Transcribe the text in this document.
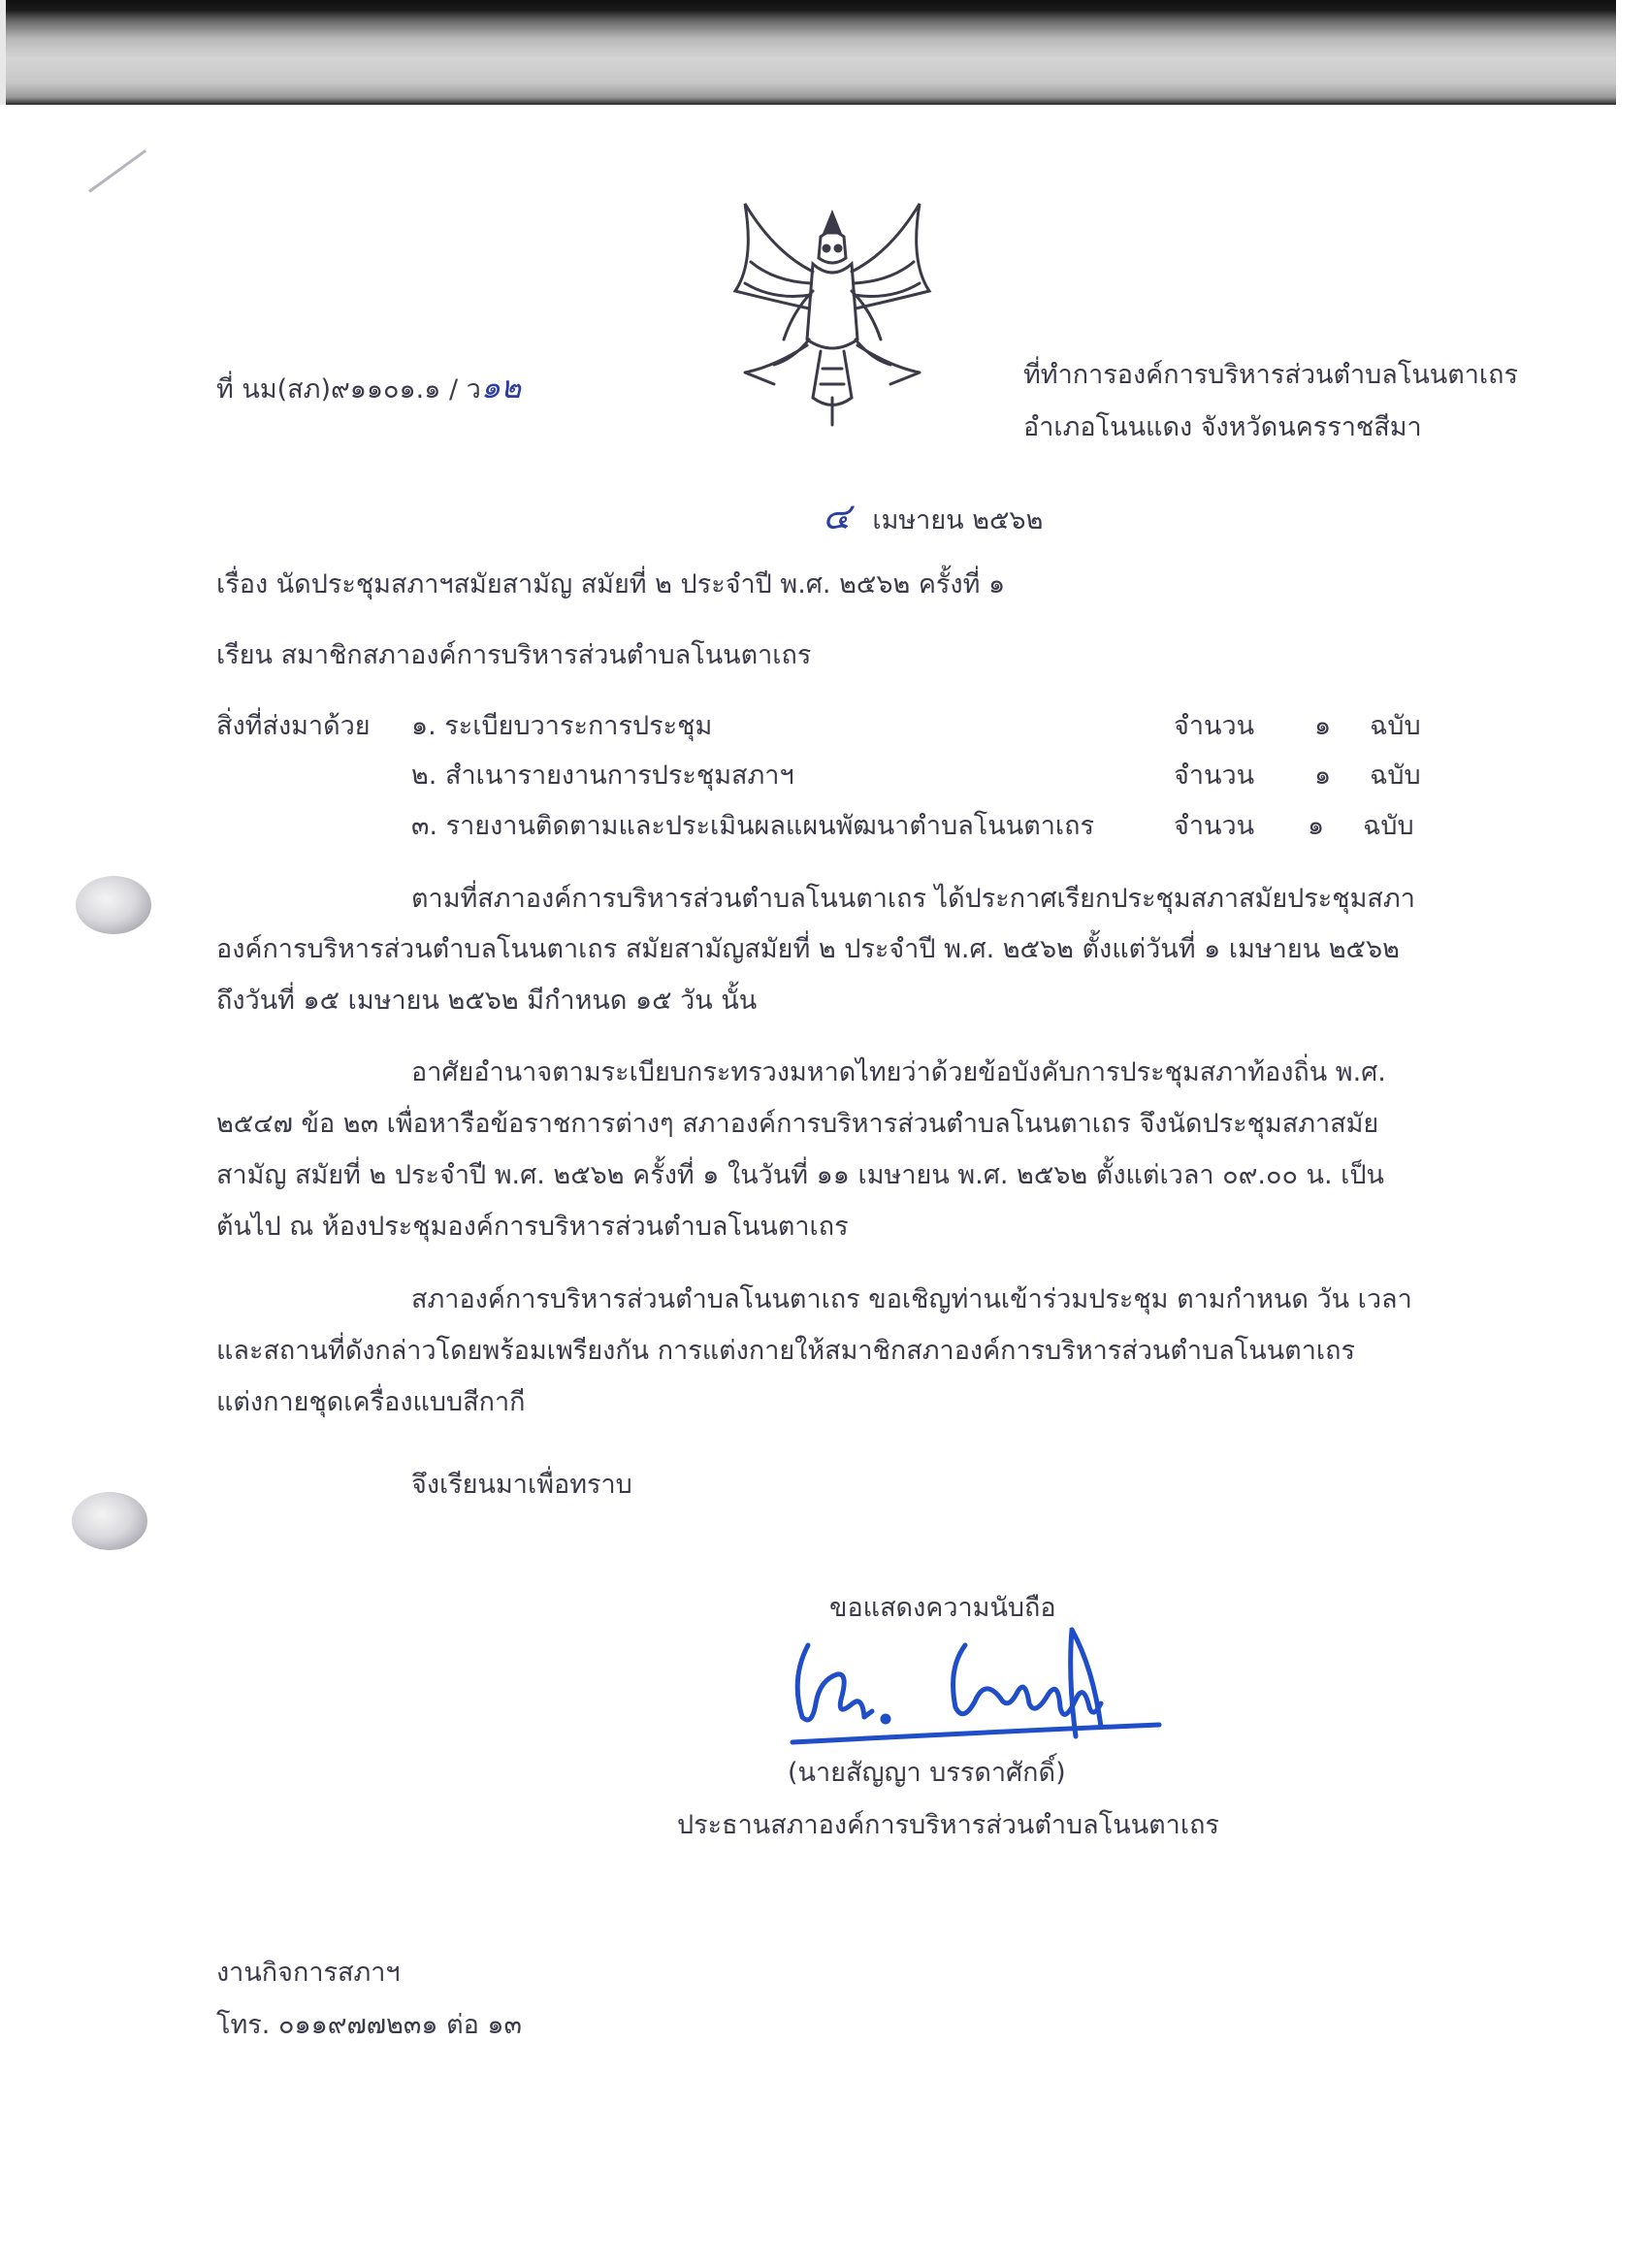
ที่ นม(สภ)๙๑๑๐๑.๑ / ว๑๒	ที่ทำการองค์การบริหารส่วนตำบลโนนตาเถร
อำเภอโนนแดง จังหวัดนครราชสีมา
๔ เมษายน ๒๕๖๒
เรื่อง นัดประชุมสภาฯสมัยสามัญ สมัยที่ ๒ ประจำปี พ.ศ. ๒๕๖๒ ครั้งที่ ๑
เรียน สมาชิกสภาองค์การบริหารส่วนตำบลโนนตาเถร
สิ่งที่ส่งมาด้วย ๑. ระเบียบวาระการประชุม	จำนวน ๑ ฉบับ
๒. สำเนารายงานการประชุมสภาฯ	จำนวน ๑ ฉบับ
๓. รายงานติดตามและประเมินผลแผนพัฒนาตำบลโนนตาเถร	จำนวน ๑ ฉบับ
ตามที่สภาองค์การบริหารส่วนตำบลโนนตาเถร ได้ประกาศเรียกประชุมสภาสมัยประชุมสภา
องค์การบริหารส่วนตำบลโนนตาเถร สมัยสามัญสมัยที่ ๒ ประจำปี พ.ศ. ๒๕๖๒ ตั้งแต่วันที่ ๑ เมษายน ๒๕๖๒
ถึงวันที่ ๑๕ เมษายน ๒๕๖๒ มีกำหนด ๑๕ วัน นั้น
อาศัยอำนาจตามระเบียบกระทรวงมหาดไทยว่าด้วยข้อบังคับการประชุมสภาท้องถิ่น พ.ศ.
๒๕๔๗ ข้อ ๒๓ เพื่อหารือข้อราชการต่างๆ สภาองค์การบริหารส่วนตำบลโนนตาเถร จึงนัดประชุมสภาสมัย
สามัญ สมัยที่ ๒ ประจำปี พ.ศ. ๒๕๖๒ ครั้งที่ ๑ ในวันที่ ๑๑ เมษายน พ.ศ. ๒๕๖๒ ตั้งแต่เวลา ๐๙.๐๐ น. เป็น
ต้นไป ณ ห้องประชุมองค์การบริหารส่วนตำบลโนนตาเถร
สภาองค์การบริหารส่วนตำบลโนนตาเถร ขอเชิญท่านเข้าร่วมประชุม ตามกำหนด วัน เวลา
และสถานที่ดังกล่าวโดยพร้อมเพรียงกัน การแต่งกายให้สมาชิกสภาองค์การบริหารส่วนตำบลโนนตาเถร
แต่งกายชุดเครื่องแบบสีกากี
จึงเรียนมาเพื่อทราบ
ขอแสดงความนับถือ
(นายสัญญา บรรดาศักดิ์)
ประธานสภาองค์การบริหารส่วนตำบลโนนตาเถร
งานกิจการสภาฯ
โทร. ๐๑๑๙๗๗๒๓๑ ต่อ ๑๓
